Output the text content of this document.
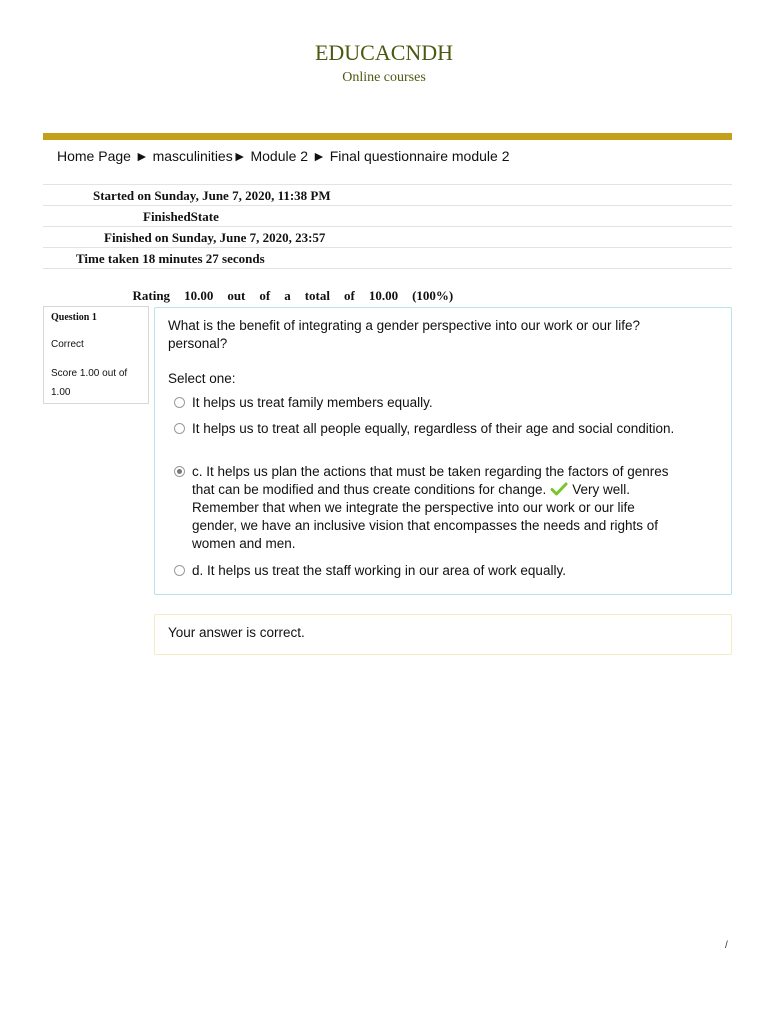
EDUCACNDH
Online courses
Home Page ► masculinities► Module 2 ► Final questionnaire module 2
Started on Sunday, June 7, 2020, 11:38 PM
FinishedState
Finished on Sunday, June 7, 2020, 23:57
Time taken 18 minutes 27 seconds

Rating 10.00 out of a total of 10.00 (100%)

Question 1
Correct
Score 1.00 out of 1.00
What is the benefit of integrating a gender perspective into our work or our life? personal?
Select one:
It helps us treat family members equally.
It helps us to treat all people equally, regardless of their age and social condition.
c. It helps us plan the actions that must be taken regarding the factors of genres that can be modified and thus create conditions for change. Very well. Remember that when we integrate the perspective into our work or our life gender, we have an inclusive vision that encompasses the needs and rights of women and men.
d. It helps us treat the staff working in our area of work equally.
Your answer is correct.
/
